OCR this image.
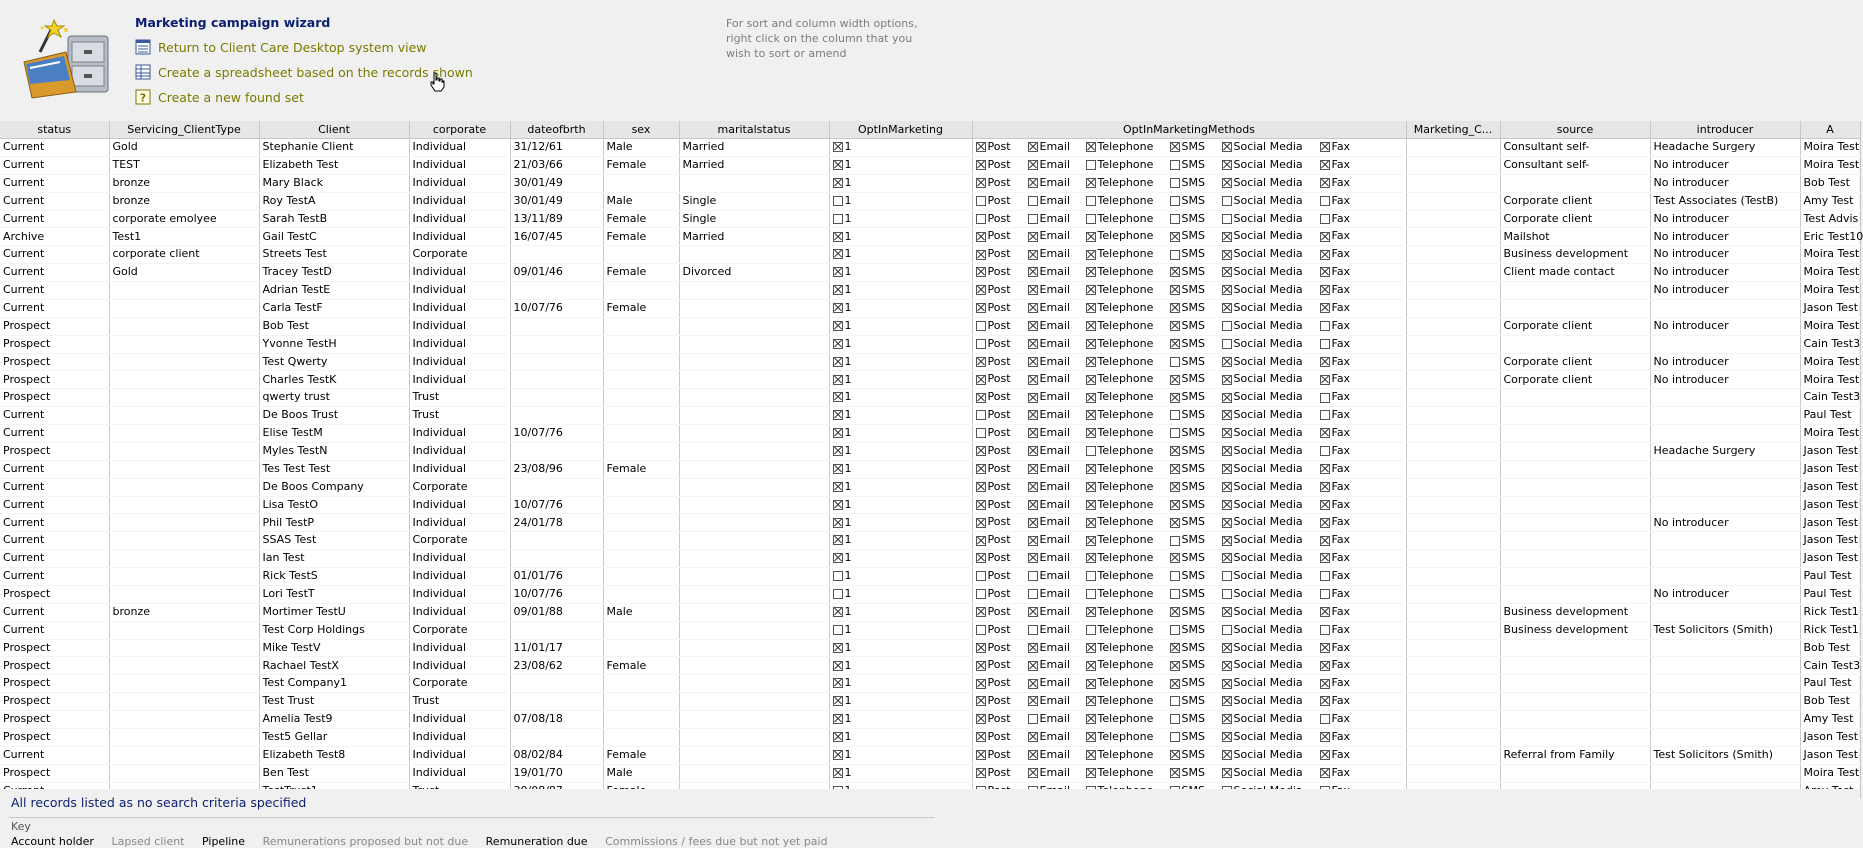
Marketing campaign wizard
Return to Client Care Desktop system view
Create a spreadsheet based on the records shown
? Create a new found set
For sort and column width options,
right click on the column that you
wish to sort or amend
status	Servicing_ClientType	Client	corporate	dateofbrth	sex	maritalstatus	OptInMarketing	OptInMarketingMethods	Marketing_C...	source	introducer	A
Current	Gold	Stephanie Client	Individual	31/12/61	Male	Married	1	Post Email Telephone SMS Social Media Fax		Consultant self-	Headache Surgery	Moira Test
Current	TEST	Elizabeth Test	Individual	21/03/66	Female	Married	1	Post Email Telephone SMS Social Media Fax		Consultant self-	No introducer	Moira Test
Current	bronze	Mary Black	Individual	30/01/49			1	Post Email Telephone SMS Social Media Fax			No introducer	Bob Test
Current	bronze	Roy TestA	Individual	30/01/49	Male	Single	1	Post Email Telephone SMS Social Media Fax		Corporate client	Test Associates (TestB)	Amy Test
Current	corporate emolyee	Sarah TestB	Individual	13/11/89	Female	Single	1	Post Email Telephone SMS Social Media Fax		Corporate client	No introducer	Test Advis
Archive	Test1	Gail TestC	Individual	16/07/45	Female	Married	1	Post Email Telephone SMS Social Media Fax		Mailshot	No introducer	Eric Test10
Current	corporate client	Streets Test	Corporate				1	Post Email Telephone SMS Social Media Fax		Business development	No introducer	Moira Test
Current	Gold	Tracey TestD	Individual	09/01/46	Female	Divorced	1	Post Email Telephone SMS Social Media Fax		Client made contact	No introducer	Moira Test
Current		Adrian TestE	Individual				1	Post Email Telephone SMS Social Media Fax			No introducer	Moira Test
Current		Carla TestF	Individual	10/07/76	Female		1	Post Email Telephone SMS Social Media Fax				Jason Test
Prospect		Bob Test	Individual				1	Post Email Telephone SMS Social Media Fax		Corporate client	No introducer	Moira Test
Prospect		Yvonne TestH	Individual				1	Post Email Telephone SMS Social Media Fax				Cain Test3
Prospect		Test Qwerty	Individual				1	Post Email Telephone SMS Social Media Fax		Corporate client	No introducer	Moira Test
Prospect		Charles TestK	Individual				1	Post Email Telephone SMS Social Media Fax		Corporate client	No introducer	Moira Test
Prospect		qwerty trust	Trust				1	Post Email Telephone SMS Social Media Fax				Cain Test3
Current		De Boos Trust	Trust				1	Post Email Telephone SMS Social Media Fax				Paul Test
Current		Elise TestM	Individual	10/07/76			1	Post Email Telephone SMS Social Media Fax				Moira Test
Prospect		Myles TestN	Individual				1	Post Email Telephone SMS Social Media Fax			Headache Surgery	Jason Test
Current		Tes Test Test	Individual	23/08/96	Female		1	Post Email Telephone SMS Social Media Fax				Jason Test
Current		De Boos Company	Corporate				1	Post Email Telephone SMS Social Media Fax				Jason Test
Current		Lisa TestO	Individual	10/07/76			1	Post Email Telephone SMS Social Media Fax				Jason Test
Current		Phil TestP	Individual	24/01/78			1	Post Email Telephone SMS Social Media Fax			No introducer	Jason Test
Current		SSAS Test	Corporate				1	Post Email Telephone SMS Social Media Fax				Jason Test
Current		Ian Test	Individual				1	Post Email Telephone SMS Social Media Fax				Jason Test
Current		Rick TestS	Individual	01/01/76			1	Post Email Telephone SMS Social Media Fax				Paul Test
Prospect		Lori TestT	Individual	10/07/76			1	Post Email Telephone SMS Social Media Fax			No introducer	Paul Test
Current	bronze	Mortimer TestU	Individual	09/01/88	Male		1	Post Email Telephone SMS Social Media Fax		Business development		Rick Test1
Current		Test Corp Holdings	Corporate				1	Post Email Telephone SMS Social Media Fax		Business development	Test Solicitors (Smith)	Rick Test1
Prospect		Mike TestV	Individual	11/01/17			1	Post Email Telephone SMS Social Media Fax				Bob Test
Prospect		Rachael TestX	Individual	23/08/62	Female		1	Post Email Telephone SMS Social Media Fax				Cain Test3
Prospect		Test Company1	Corporate				1	Post Email Telephone SMS Social Media Fax				Paul Test
Prospect		Test Trust	Trust				1	Post Email Telephone SMS Social Media Fax				Bob Test
Prospect		Amelia Test9	Individual	07/08/18			1	Post Email Telephone SMS Social Media Fax				Amy Test
Prospect		Test5 Gellar	Individual				1	Post Email Telephone SMS Social Media Fax				Jason Test
Current		Elizabeth Test8	Individual	08/02/84	Female		1	Post Email Telephone SMS Social Media Fax		Referral from Family	Test Solicitors (Smith)	Jason Test
Prospect		Ben Test	Individual	19/01/70	Male		1	Post Email Telephone SMS Social Media Fax				Moira Test

All records listed as no search criteria specified
Key
Account holder Lapsed client Pipeline Remunerations proposed but not due Remuneration due Commissions / fees due but not yet paid
